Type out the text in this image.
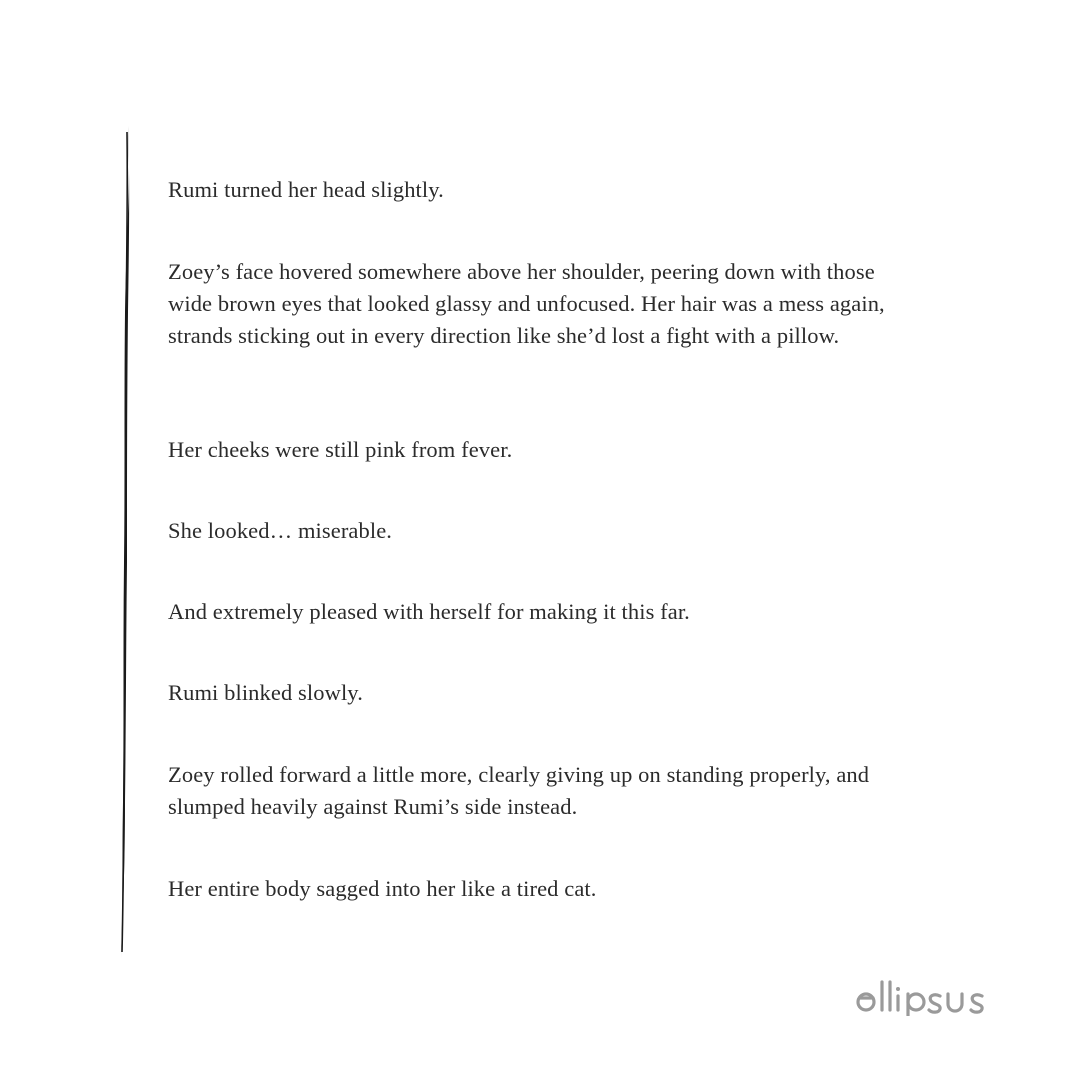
Rumi turned her head slightly.

Zoey’s face hovered somewhere above her shoulder, peering down with those
wide brown eyes that looked glassy and unfocused. Her hair was a mess again,
strands sticking out in every direction like she’d lost a fight with a pillow.

Her cheeks were still pink from fever.

She looked… miserable.

And extremely pleased with herself for making it this far.

Rumi blinked slowly.

Zoey rolled forward a little more, clearly giving up on standing properly, and
slumped heavily against Rumi’s side instead.

Her entire body sagged into her like a tired cat.
